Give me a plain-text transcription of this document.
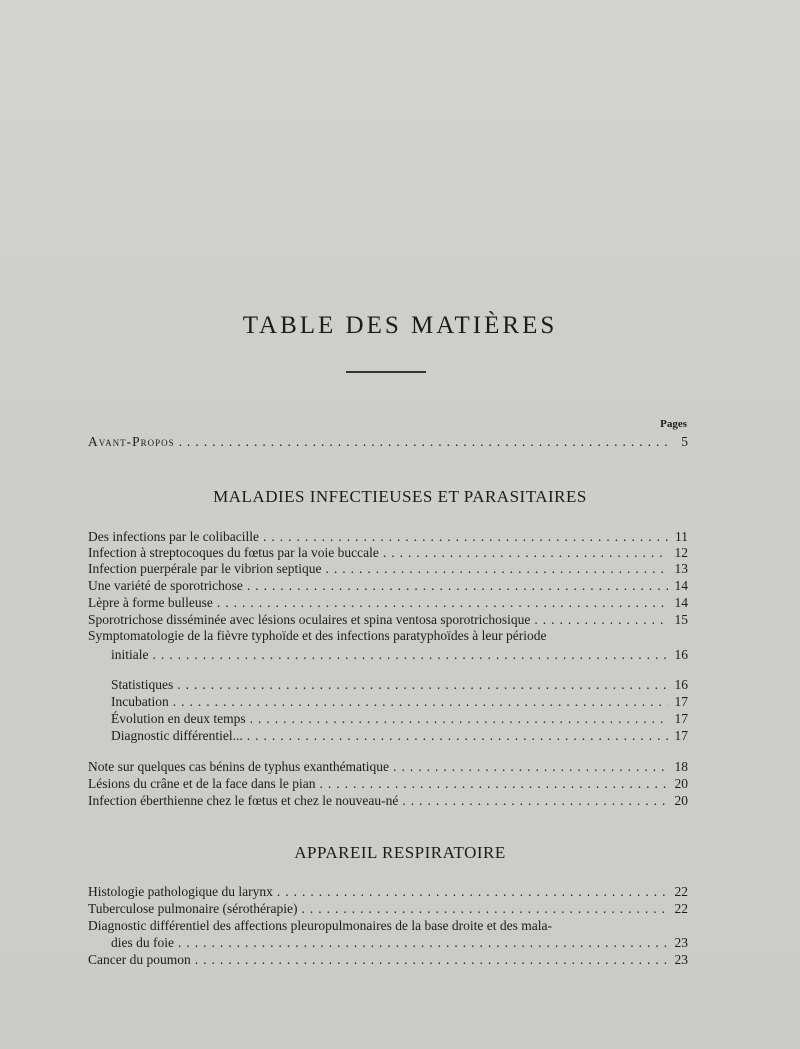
TABLE DES MATIÈRES
Pages
Avant-Propos .....	5
MALADIES INFECTIEUSES ET PARASITAIRES
Des infections par le colibacille .....	11
Infection à streptocoques du fœtus par la voie buccale .....	12
Infection puerpérale par le vibrion septique .....	13
Une variété de sporotrichose .....	14
Lèpre à forme bulleuse .....	14
Sporotrichose disséminée avec lésions oculaires et spina ventosa sporotrichosique .....	15
Symptomatologie de la fièvre typhoïde et des infections paratyphoïdes à leur période
initiale .....	16
Statistiques .....	16
Incubation .....	17
Évolution en deux temps .....	17
Diagnostic différentiel... .....	17
Note sur quelques cas bénins de typhus exanthématique .....	18
Lésions du crâne et de la face dans le pian .....	20
Infection éberthienne chez le fœtus et chez le nouveau-né .....	20
APPAREIL RESPIRATOIRE
Histologie pathologique du larynx .....	22
Tuberculose pulmonaire (sérothérapie) .....	22
Diagnostic différentiel des affections pleuropulmonaires de la base droite et des mala-
dies du foie .....	23
Cancer du poumon .....	23
